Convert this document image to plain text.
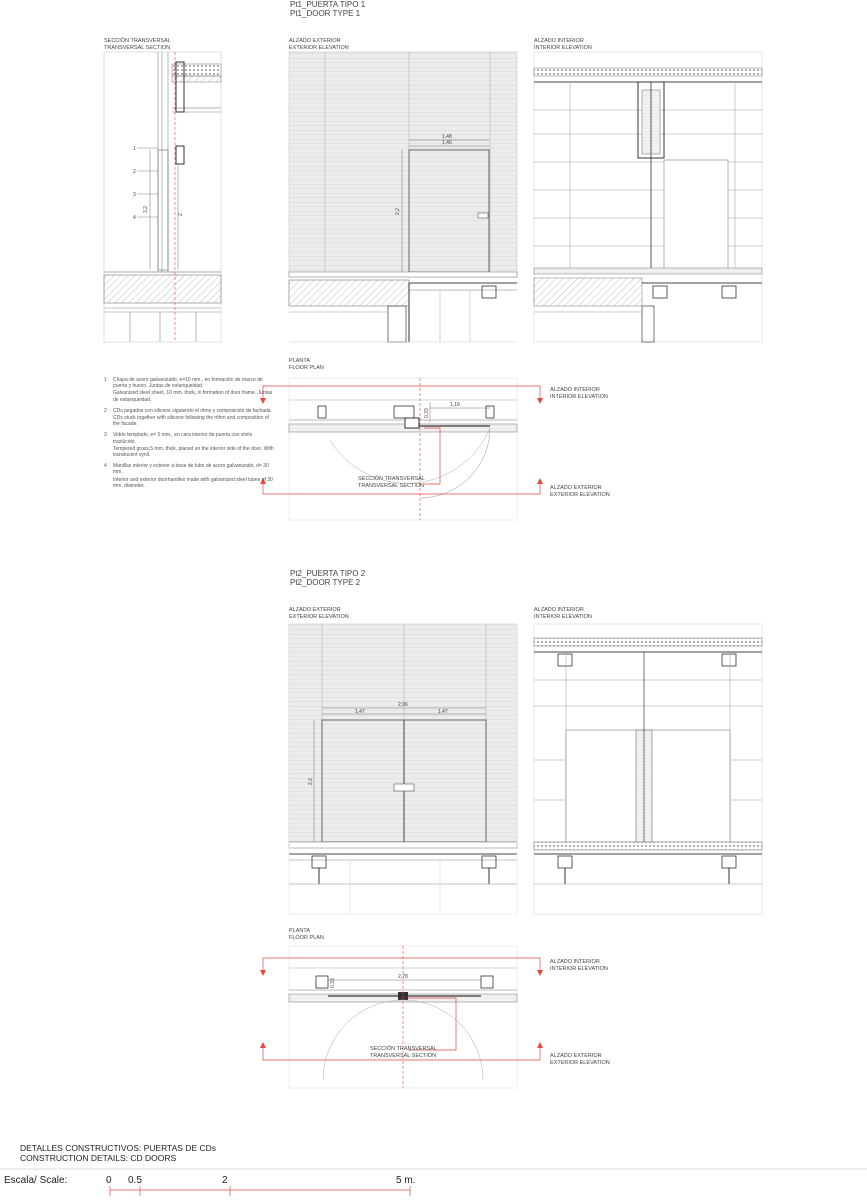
Pt1_PUERTA TIPO 1
Pt1_DOOR TYPE 1
SECCIÓN TRANSVERSAL
TRANSVERSAL SECTION
ALZADO EXTERIOR
EXTERIOR ELEVATION
ALZADO INTERIOR
INTERIOR ELEVATION
1
2
3
4
3,2
2
1,48
1,46
2,2
0,33
1,18
2,96
1,47	1,47
2,2
2,78
0,33
PLANTA
FLOOR PLAN
ALZADO INTERIOR
INTERIOR ELEVATION
ALZADO EXTERIOR
EXTERIOR ELEVATION
SECCIÓN TRANSVERSAL
TRANSVERSAL SECTION
1	Chapa de acero galvanizado, e=10 mm., en formación de marco de puerta y hueco. Juntas de estanqueidad.
Galvanized steel sheet, 10 mm. thick, in formation of door frame. Juntas de estanqueidad.
2	CDs pegados con silicone siguiendo el ritmo y composición de fachada.
CDs stuck together with silicone following the rithm and composition of the facade.
3	Vidrio templado, e= 5 mm., en cara interior de puerta con vinilo traslúcido.
Tempered grass,5 mm. thick, placed en the interior side of the door. With translucent vynil.
4	Manillas interior y exterior a base de tubo de acero galvanizado, d= 30 mm.
Interior and exterior doorhandles made with galvanized steel tubes of 30 mm. diameter.
Pt2_PUERTA TIPO 2
Pt2_DOOR TYPE 2
ALZADO EXTERIOR
EXTERIOR ELEVATION
ALZADO INTERIOR
INTERIOR ELEVATION
PLANTA
FLOOR PLAN
ALZADO INTERIOR
INTERIOR ELEVATION
ALZADO EXTERIOR
EXTERIOR ELEVATION
SECCIÓN TRANSVERSAL
TRANSVERSAL SECTION
DETALLES CONSTRUCTIVOS: PUERTAS DE CDs
CONSTRUCTION DETAILS: CD DOORS
Escala/ Scale:	0 0.5	2	5 m.
